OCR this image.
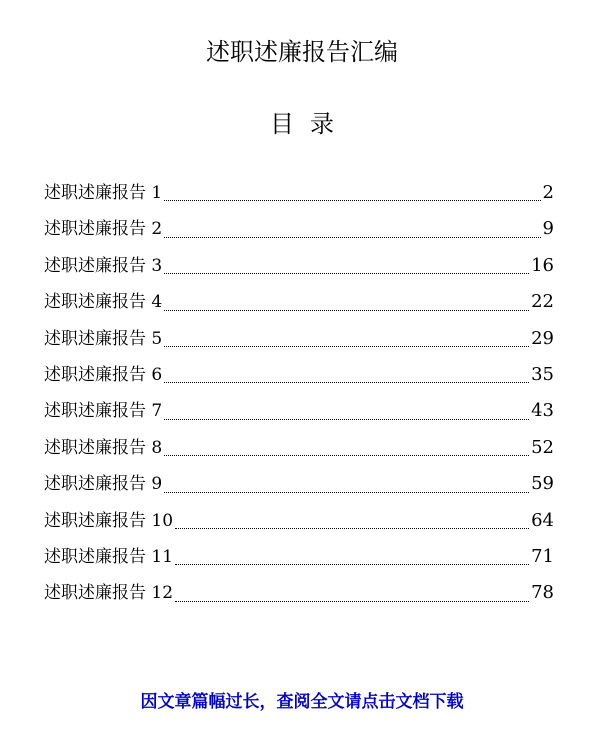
述职述廉报告汇编
目录
述职述廉报告 1	2
述职述廉报告 2	9
述职述廉报告 3	16
述职述廉报告 4	22
述职述廉报告 5	29
述职述廉报告 6	35
述职述廉报告 7	43
述职述廉报告 8	52
述职述廉报告 9	59
述职述廉报告 10	64
述职述廉报告 11	71
述职述廉报告 12	78
因文章篇幅过长，查阅全文请点击文档下载
